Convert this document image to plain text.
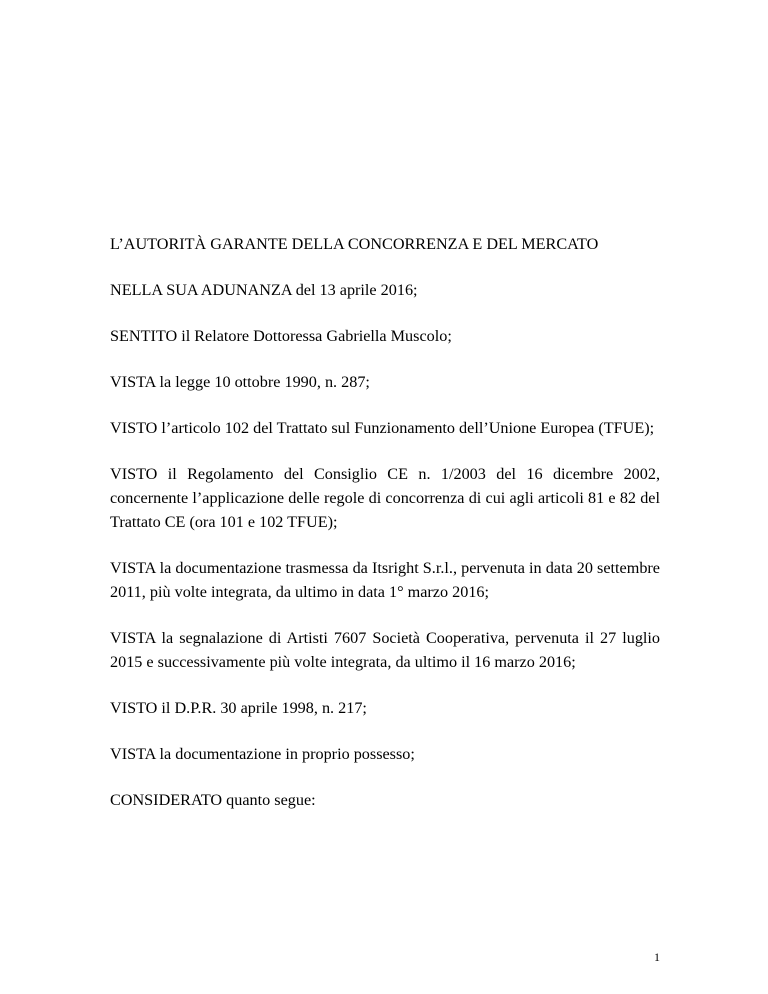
L’AUTORITÀ GARANTE DELLA CONCORRENZA E DEL MERCATO

NELLA SUA ADUNANZA del 13 aprile 2016;

SENTITO il Relatore Dottoressa Gabriella Muscolo;

VISTA la legge 10 ottobre 1990, n. 287;

VISTO l’articolo 102 del Trattato sul Funzionamento dell’Unione Europea (TFUE);

VISTO il Regolamento del Consiglio CE n. 1/2003 del 16 dicembre 2002, concernente l’applicazione delle regole di concorrenza di cui agli articoli 81 e 82 del Trattato CE (ora 101 e 102 TFUE);

VISTA la documentazione trasmessa da Itsright S.r.l., pervenuta in data 20 settembre 2011, più volte integrata, da ultimo in data 1° marzo 2016;

VISTA la segnalazione di Artisti 7607 Società Cooperativa, pervenuta il 27 luglio 2015 e successivamente più volte integrata, da ultimo il 16 marzo 2016;

VISTO il D.P.R. 30 aprile 1998, n. 217;

VISTA la documentazione in proprio possesso;

CONSIDERATO quanto segue:

1
